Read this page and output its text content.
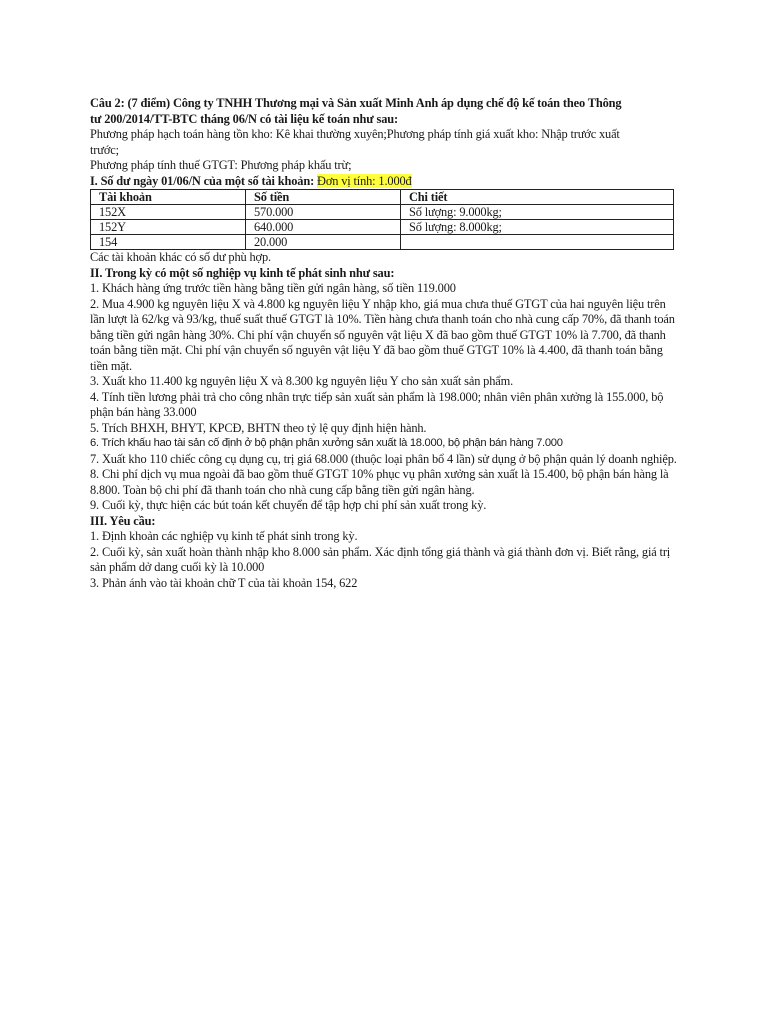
Câu 2: (7 điểm) Công ty TNHH Thương mại và Sản xuất Minh Anh áp dụng chế độ kế toán theo Thông

tư 200/2014/TT-BTC tháng 06/N có tài liệu kế toán như sau:

Phương pháp hạch toán hàng tồn kho: Kê khai thường xuyên;Phương pháp tính giá xuất kho: Nhập trước xuất

trước;

Phương pháp tính thuế GTGT: Phương pháp khấu trừ;

I. Số dư ngày 01/06/N của một số tài khoản: Đơn vị tính: 1.000đ

Tài khoản	Số tiền	Chi tiết
152X	570.000	Số lượng: 9.000kg;
152Y	640.000	Số lượng: 8.000kg;
154	20.000	

Các tài khoản khác có số dư phù hợp.

II. Trong kỳ có một số nghiệp vụ kinh tế phát sinh như sau:

1. Khách hàng ứng trước tiền hàng bằng tiền gửi ngân hàng, số tiền 119.000

2. Mua 4.900 kg nguyên liệu X và 4.800 kg nguyên liệu Y nhập kho, giá mua chưa thuế GTGT của hai nguyên liệu trên lần lượt là 62/kg và 93/kg, thuế suất thuế GTGT là 10%. Tiền hàng chưa thanh toán cho nhà cung cấp 70%, đã thanh toán bằng tiền gửi ngân hàng 30%. Chi phí vận chuyển số nguyên vật liệu X đã bao gồm thuế GTGT 10% là 7.700, đã thanh toán bằng tiền mặt. Chi phí vận chuyển số nguyên vật liệu Y đã bao gồm thuế GTGT 10% là 4.400, đã thanh toán bằng tiền mặt.

3. Xuất kho 11.400 kg nguyên liệu X và 8.300 kg nguyên liệu Y cho sản xuất sản phẩm.

4. Tính tiền lương phải trả cho công nhân trực tiếp sản xuất sản phẩm là 198.000; nhân viên phân xưởng là 155.000, bộ phận bán hàng 33.000

5. Trích BHXH, BHYT, KPCĐ, BHTN theo tỷ lệ quy định hiện hành.

6. Trích khấu hao tài sản cố định ở bộ phận phân xưởng sản xuất là 18.000, bộ phận bán hàng 7.000

7. Xuất kho 110 chiếc công cụ dụng cụ, trị giá 68.000 (thuộc loại phân bổ 4 lần) sử dụng ở bộ phận quản lý doanh nghiệp.

8. Chi phí dịch vụ mua ngoài đã bao gồm thuế GTGT 10% phục vụ phân xưởng sản xuất là 15.400, bộ phận bán hàng là 8.800. Toàn bộ chi phí đã thanh toán cho nhà cung cấp bằng tiền gửi ngân hàng.

9. Cuối kỳ, thực hiện các bút toán kết chuyển để tập hợp chi phí sản xuất trong kỳ.

III. Yêu cầu:

1. Định khoản các nghiệp vụ kinh tế phát sinh trong kỳ.

2. Cuối kỳ, sản xuất hoàn thành nhập kho 8.000 sản phẩm. Xác định tổng giá thành và giá thành đơn vị. Biết rằng, giá trị sản phẩm dở dang cuối kỳ là 10.000

3. Phản ánh vào tài khoản chữ T của tài khoản 154, 622
